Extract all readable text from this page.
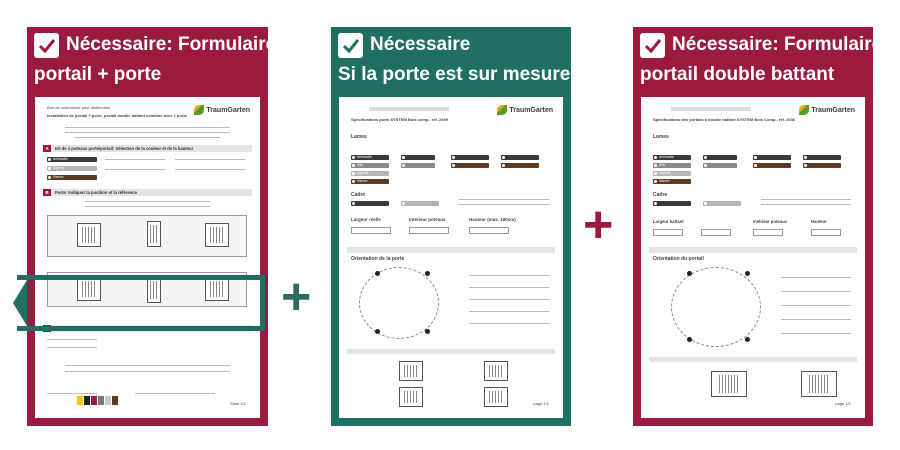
Nécessaire: Formulaire
portail + porte
Bon de commande pour distributeur
Installation de portail + porte, portail double battant combiné avec 1 porte
TraumGarten
A	Kit de 3 poteaux porte/portail: Sélection de la couleur et de la hauteur
Anthracite
Argenté
Marron
B	Porte: Indiquez la position et la référence
C	Portail double battant: Indiquez la référence
Seite 1/1
+
Nécessaire
Si la porte est sur mesure
Spécifications porte SYSTEM Bois comp., réf. 2499
TraumGarten
Lames
Anthracite
Gris
Argenté
Marron
Cadre
Largeur réelle	Intérieur poteaux	Hauteur (max. 180cm)
Orientation de la porte
page 1/1
+
Nécessaire: Formulaire
portail double battant
Spécifications des portails à double battant SYSTEM Bois Comp., réf. 2036
TraumGarten
Lames
Anthracite
Gris
Argenté
Marron
Cadre
Largeur battant	Intérieur poteaux	Hauteur
Orientation du portail
page 1/1
